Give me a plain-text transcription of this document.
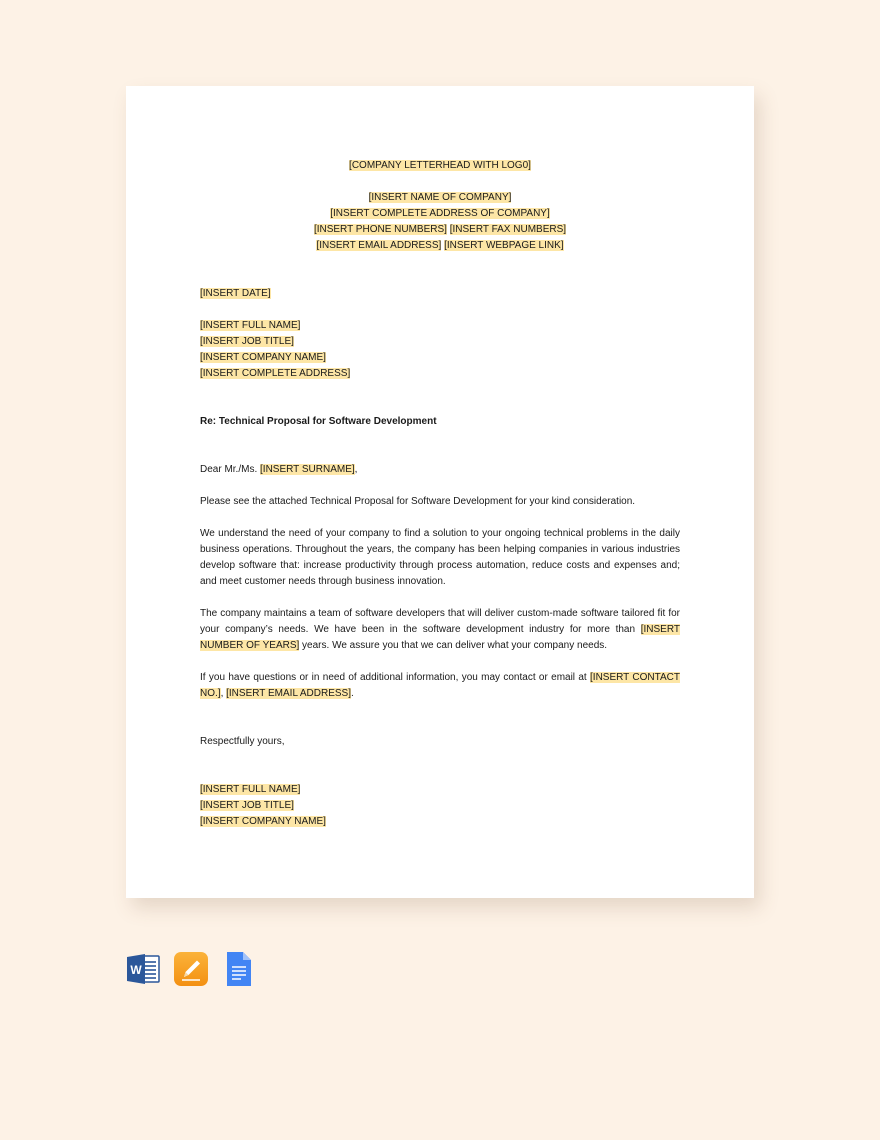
[COMPANY LETTERHEAD WITH LOG0]
[INSERT NAME OF COMPANY]
[INSERT COMPLETE ADDRESS OF COMPANY]
[INSERT PHONE NUMBERS] [INSERT FAX NUMBERS]
[INSERT EMAIL ADDRESS] [INSERT WEBPAGE LINK]
[INSERT DATE]
[INSERT FULL NAME]
[INSERT JOB TITLE]
[INSERT COMPANY NAME]
[INSERT COMPLETE ADDRESS]
Re: Technical Proposal for Software Development
Dear Mr./Ms. [INSERT SURNAME],

Please see the attached Technical Proposal for Software Development for your kind consideration.

We understand the need of your company to find a solution to your ongoing technical problems in the daily business operations. Throughout the years, the company has been helping companies in various industries develop software that: increase productivity through process automation, reduce costs and expenses and; and meet customer needs through business innovation.

The company maintains a team of software developers that will deliver custom-made software tailored fit for your company’s needs. We have been in the software development industry for more than [INSERT NUMBER OF YEARS] years. We assure you that we can deliver what your company needs.

If you have questions or in need of additional information, you may contact or email at [INSERT CONTACT NO.], [INSERT EMAIL ADDRESS].

Respectfully yours,
[INSERT FULL NAME]
[INSERT JOB TITLE]
[INSERT COMPANY NAME]
W
